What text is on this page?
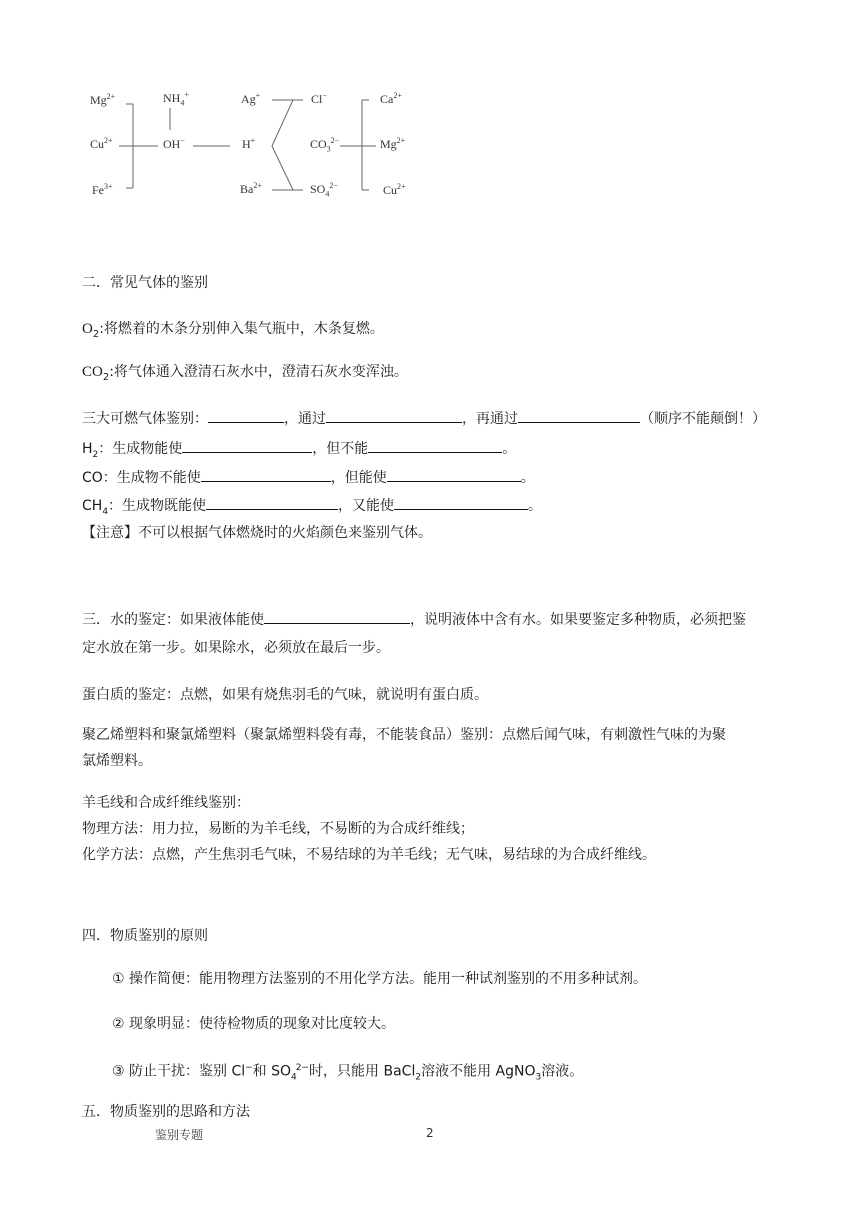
$Mg^{2+}$
$Cu^{2+}$
$Fe^{3+}$
$NH_4^+$
OH−
Ag+
H+
$Ba^{2+}$
Cl−
$CO_3^{2-}$
$SO_4^{2-}$
$Ca^{2+}$
$Mg^{2+}$
$Cu^{2+}$
二．常见气体的鉴别
$O_2$:将燃着的木条分别伸入集气瓶中，木条复燃。
$CO_2$:将气体通入澄清石灰水中，澄清石灰水变浑浊。
三大可燃气体鉴别：	，通过	，再通过	（顺序不能颠倒！）
$H_2$：生成物能使	，但不能	。
CO：生成物不能使	，但能使	。
$CH_4$：生成物既能使	，又能使	。
【注意】不可以根据气体燃烧时的火焰颜色来鉴别气体。
三．水的鉴定：如果液体能使	，说明液体中含有水。如果要鉴定多种物质，必须把鉴
定水放在第一步。如果除水，必须放在最后一步。
蛋白质的鉴定：点燃，如果有烧焦羽毛的气味，就说明有蛋白质。
聚乙烯塑料和聚氯烯塑料（聚氯烯塑料袋有毒，不能装食品）鉴别：点燃后闻气味，有刺激性气味的为聚
氯烯塑料。
羊毛线和合成纤维线鉴别：
物理方法：用力拉，易断的为羊毛线，不易断的为合成纤维线；
化学方法：点燃，产生焦羽毛气味，不易结球的为羊毛线；无气味，易结球的为合成纤维线。
四．物质鉴别的原则
① 操作简便：能用物理方法鉴别的不用化学方法。能用一种试剂鉴别的不用多种试剂。
② 现象明显：使待检物质的现象对比度较大。
③ 防止干扰：鉴别 Cl−和 $SO_4^{2-}$时，只能用 BaCl$_2$溶液不能用 AgNO$_3$溶液。
五．物质鉴别的思路和方法
鉴别专题	2
